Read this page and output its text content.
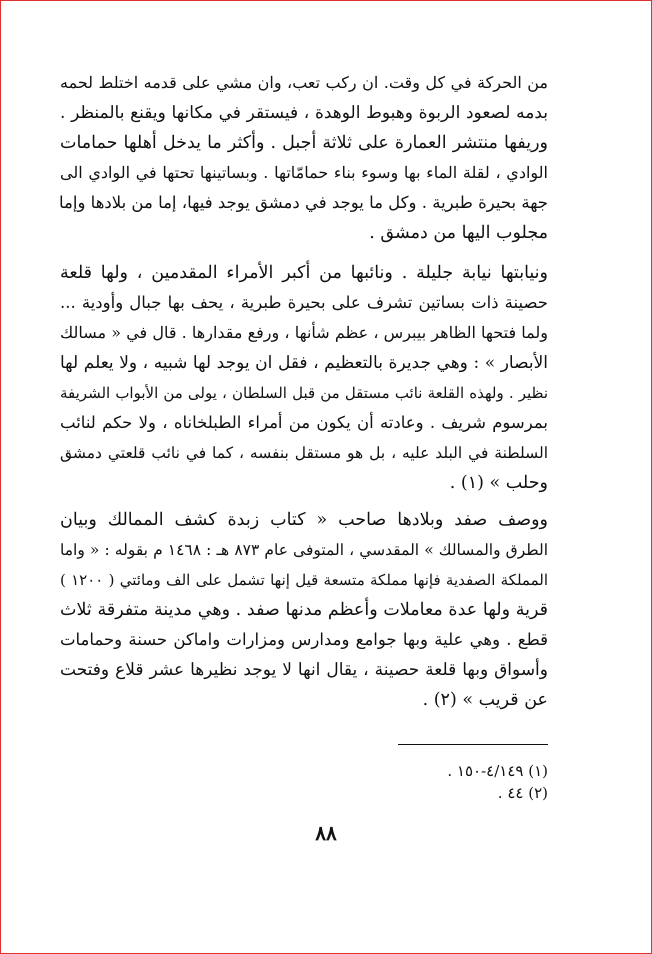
من الحركة في كل وقت. ان ركب تعب، وان مشي على قدمه اختلط لحمه
بدمه لصعود الربوة وهبوط الوهدة ، فيستقر في مكانها ويقنع بالمنظر .
وريفها منتشر العمارة على ثلاثة أجبل . وأكثر ما يدخل أهلها حمامات
الوادي ، لقلة الماء بها وسوء بناء حمامّاتها . وبساتينها تحتها في الوادي الى
جهة بحيرة طبرية . وكل ما يوجد في دمشق يوجد فيها، إما من بلادها وإما
مجلوب اليها من دمشق .
ونيابتها نيابة جليلة . ونائبها من أكبر الأمراء المقدمين ، ولها قلعة
حصينة ذات بساتين تشرف على بحيرة طبرية ، يحف بها جبال وأودية ...
ولما فتحها الظاهر بيبرس ، عظم شأنها ، ورفع مقدارها . قال في « مسالك
الأبصار » : وهي جديرة بالتعظيم ، فقل ان يوجد لها شبيه ، ولا يعلم لها
نظير . ولهذه القلعة نائب مستقل من قبل السلطان ، يولى من الأبواب الشريفة
بمرسوم شريف . وعادته أن يكون من أمراء الطبلخاناه ، ولا حكم لنائب
السلطنة في البلد عليه ، بل هو مستقل بنفسه ، كما في نائب قلعتي دمشق
وحلب » (١) .
ووصف صفد وبلادها صاحب « كتاب زبدة كشف الممالك وبيان
الطرق والمسالك » المقدسي ، المتوفى عام ٨٧٣ هـ : ١٤٦٨ م بقوله : « واما
المملكة الصفدية فإنها مملكة متسعة قيل إنها تشمل على الف ومائتي ( ١٢٠٠ )
قرية ولها عدة معاملات وأعظم مدنها صفد . وهي مدينة متفرقة ثلاث
قطع . وهي علية وبها جوامع ومدارس ومزارات واماكن حسنة وحمامات
وأسواق وبها قلعة حصينة ، يقال انها لا يوجد نظيرها عشر قلاع وفتحت
عن قريب » (٢) .
(١) ٤/١٤٩-١٥٠ .
(٢) ٤٤ .
٨٨
